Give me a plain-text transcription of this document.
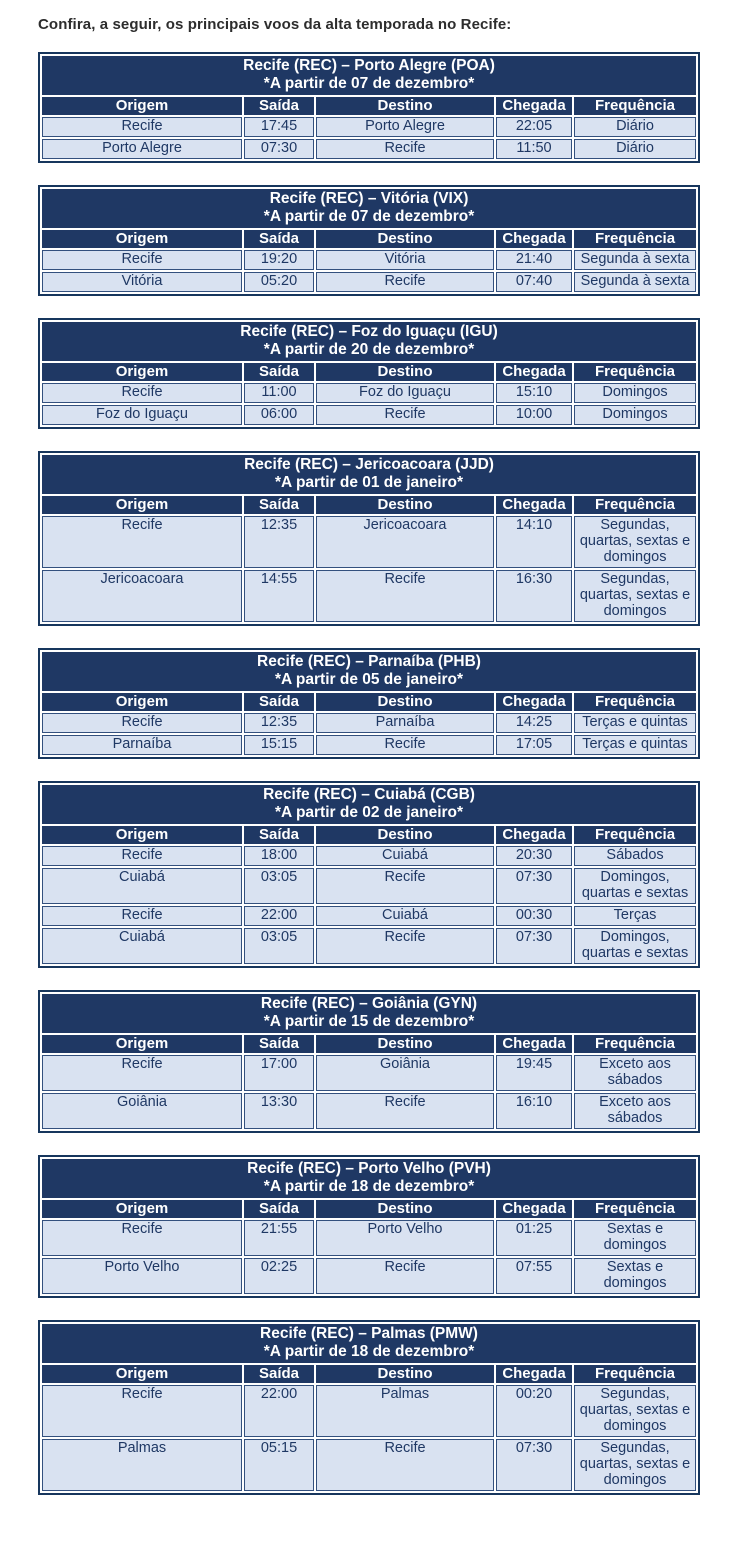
Confira, a seguir, os principais voos da alta temporada no Recife:

Recife (REC) – Porto Alegre (POA)
*A partir de 07 de dezembro*				

Origem	Saída	Destino	Chegada	Frequência
Recife	17:45	Porto Alegre	22:05	Diário
Porto Alegre	07:30	Recife	11:50	Diário
Recife (REC) – Vitória (VIX)
*A partir de 07 de dezembro*				

Origem	Saída	Destino	Chegada	Frequência
Recife	19:20	Vitória	21:40	Segunda à sexta
Vitória	05:20	Recife	07:40	Segunda à sexta
Recife (REC) – Foz do Iguaçu (IGU)
*A partir de 20 de dezembro*				

Origem	Saída	Destino	Chegada	Frequência
Recife	11:00	Foz do Iguaçu	15:10	Domingos
Foz do Iguaçu	06:00	Recife	10:00	Domingos
Recife (REC) – Jericoacoara (JJD)
*A partir de 01 de janeiro*				

Origem	Saída	Destino	Chegada	Frequência
Recife	12:35	Jericoacoara	14:10	Segundas, quartas, sextas e domingos
Jericoacoara	14:55	Recife	16:30	Segundas, quartas, sextas e domingos
Recife (REC) – Parnaíba (PHB)
*A partir de 05 de janeiro*				

Origem	Saída	Destino	Chegada	Frequência
Recife	12:35	Parnaíba	14:25	Terças e quintas
Parnaíba	15:15	Recife	17:05	Terças e quintas
Recife (REC) – Cuiabá (CGB)
*A partir de 02 de janeiro*				

Origem	Saída	Destino	Chegada	Frequência
Recife	18:00	Cuiabá	20:30	Sábados
Cuiabá	03:05	Recife	07:30	Domingos, quartas e sextas
Recife	22:00	Cuiabá	00:30	Terças
Cuiabá	03:05	Recife	07:30	Domingos, quartas e sextas
Recife (REC) – Goiânia (GYN)
*A partir de 15 de dezembro*				

Origem	Saída	Destino	Chegada	Frequência
Recife	17:00	Goiânia	19:45	Exceto aos sábados
Goiânia	13:30	Recife	16:10	Exceto aos sábados
Recife (REC) – Porto Velho (PVH)
*A partir de 18 de dezembro*				

Origem	Saída	Destino	Chegada	Frequência
Recife	21:55	Porto Velho	01:25	Sextas e domingos
Porto Velho	02:25	Recife	07:55	Sextas e domingos
Recife (REC) – Palmas (PMW)
*A partir de 18 de dezembro*				

Origem	Saída	Destino	Chegada	Frequência
Recife	22:00	Palmas	00:20	Segundas, quartas, sextas e domingos
Palmas	05:15	Recife	07:30	Segundas, quartas, sextas e domingos
